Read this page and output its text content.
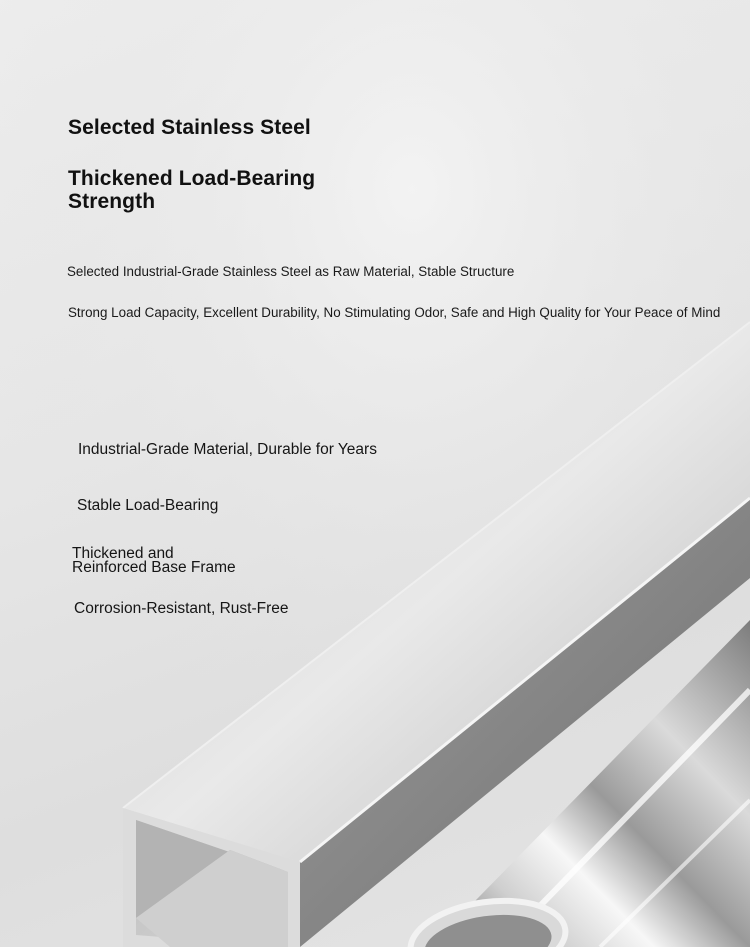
Selected Stainless Steel
Thickened Load-Bearing
Strength
Selected Industrial-Grade Stainless Steel as Raw Material, Stable Structure
Strong Load Capacity, Excellent Durability, No Stimulating Odor, Safe and High Quality for Your Peace of Mind
Industrial-Grade Material, Durable for Years
Stable Load-Bearing
Thickened and
Reinforced Base Frame
Corrosion-Resistant, Rust-Free
